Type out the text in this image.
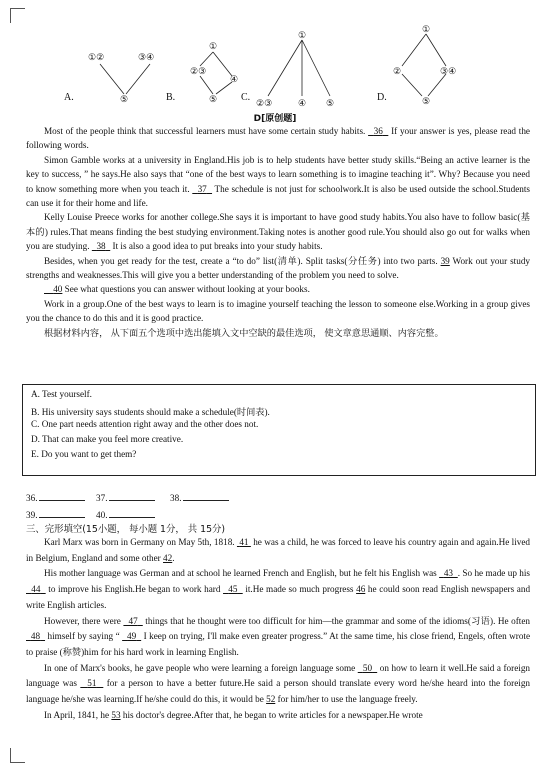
①②	③④
⑤
①
②③
④
⑤
①
②③	④ ⑤
①
②	③④
⑤
A.	B.	C.	D.
D[原创题]

Most of the people think that successful learners must have some certain study habits.   36   If your answer is yes, please read the following words.

Simon Gamble works at a university in England.His job is to help students have better study skills.“Being an active learner is the key to success, ” he says.He also says that “one of the best ways to learn something is to imagine teaching it”. Why? Because you need to know something more when you teach it.   37   The schedule is not just for schoolwork.It is also be used outside the school.Students can use it for their home and life.

Kelly Louise Preece works for another college.She says it is important to have good study habits.You also have to follow basic(基本的) rules.That means finding the best studying environment.Taking notes is another good rule.You should also go out for walks when you are studying.   38   It is also a good idea to put breaks into your study habits.

Besides, when you get ready for the test, create a “to do” list(清单). Split tasks(分任务) into two parts. 39 Work out your study strengths and weaknesses.This will give you a better understanding of the problem you need to solve.

40 See what questions you can answer without looking at your books.

Work in a group.One of the best ways to learn is to imagine yourself teaching the lesson to someone else.Working in a group gives you the chance to do this and it is good practice.

根据材料内容， 从下面五个选项中选出能填入文中空缺的最佳选项， 使文章意思通顺、内容完整。

A. Test yourself.
B. His university says students should make a schedule(时间表).
C. One part needs attention right away and the other does not.
D. That can make you feel more creative.
E. Do you want to get them?
36.	37.	38.
39.	40.
三、完形填空(15小题， 每小题 1分， 共 15分)

Karl Marx was born in Germany on May 5th, 1818.  41  he was a child, he was forced to leave his country again and again.He lived in Belgium, England and some other 42.

His mother language was German and at school he learned French and English, but he felt his English was   43 . So he made up his   44   to improve his English.He began to work hard   45   it.He made so much progress 46 he could soon read English newspapers and write English articles.

However, there were   47   things that he thought were too difficult for him—the grammar and some of the idioms(习语). He often   48   himself by saying “   49   I keep on trying, I'll make even greater progress.” At the same time, his close friend, Engels, often wrote to praise (称赞)him for his hard work in learning English.

In one of Marx's books, he gave people who were learning a foreign language some   50   on how to learn it well.He said a foreign language was   51   for a person to have a better future.He said a person should translate every word he/she heard into the foreign language he/she was learning.If he/she could do this, it would be 52 for him/her to use the language freely.

In April, 1841, he 53 his doctor's degree.After that, he began to write articles for a newspaper.He wrote
